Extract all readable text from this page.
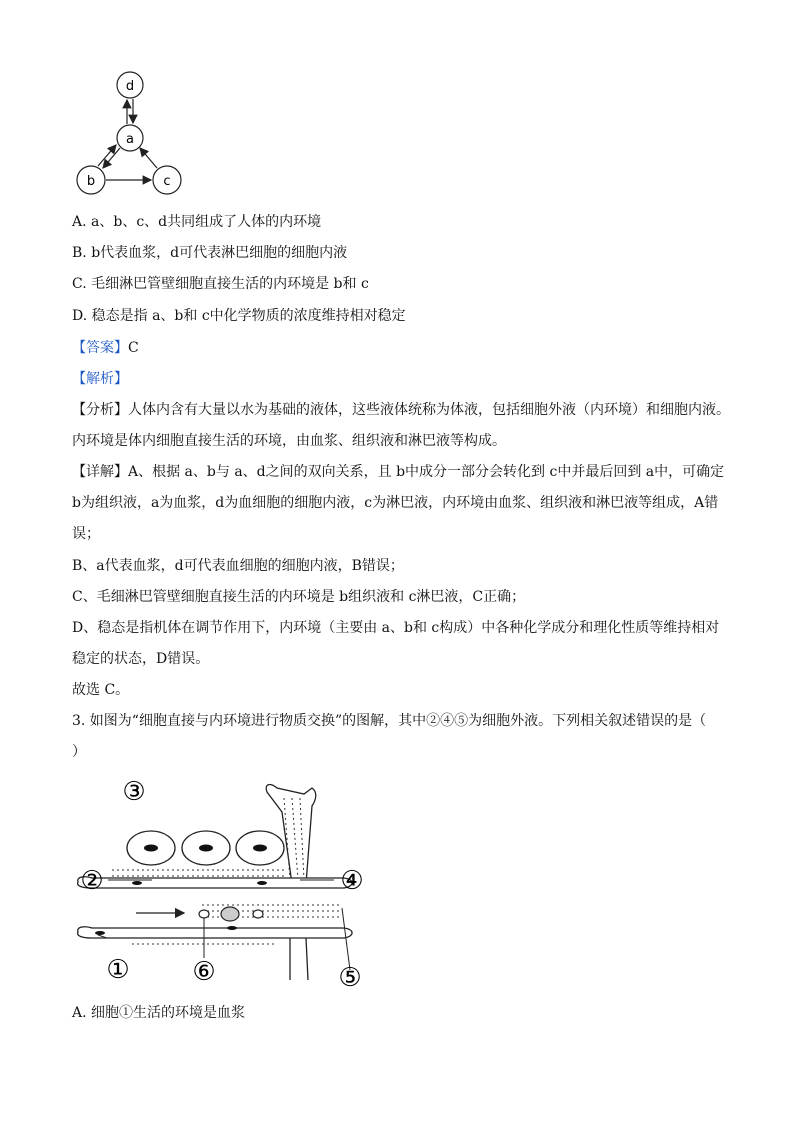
d
a
b	c
A. a、b、c、d共同组成了人体的内环境
B. b代表血浆，d可代表淋巴细胞的细胞内液
C. 毛细淋巴管壁细胞直接生活的内环境是 b和 c
D. 稳态是指 a、b和 c中化学物质的浓度维持相对稳定
【答案】C
【解析】
【分析】人体内含有大量以水为基础的液体，这些液体统称为体液，包括细胞外液（内环境）和细胞内液。
内环境是体内细胞直接生活的环境，由血浆、组织液和淋巴液等构成。
【详解】A、根据 a、b与 a、d之间的双向关系，且 b中成分一部分会转化到 c中并最后回到 a中，可确定
b为组织液，a为血浆，d为血细胞的细胞内液，c为淋巴液，内环境由血浆、组织液和淋巴液等组成，A错
误；
B、a代表血浆，d可代表血细胞的细胞内液，B错误；
C、毛细淋巴管壁细胞直接生活的内环境是 b组织液和 c淋巴液，C正确；
D、稳态是指机体在调节作用下，内环境（主要由 a、b和 c构成）中各种化学成分和理化性质等维持相对
稳定的状态，D错误。
故选 C。
3. 如图为“细胞直接与内环境进行物质交换”的图解，其中②④⑤为细胞外液。下列相关叙述错误的是（
）
③
②	④
① ⑥	⑤
A. 细胞①生活的环境是血浆
